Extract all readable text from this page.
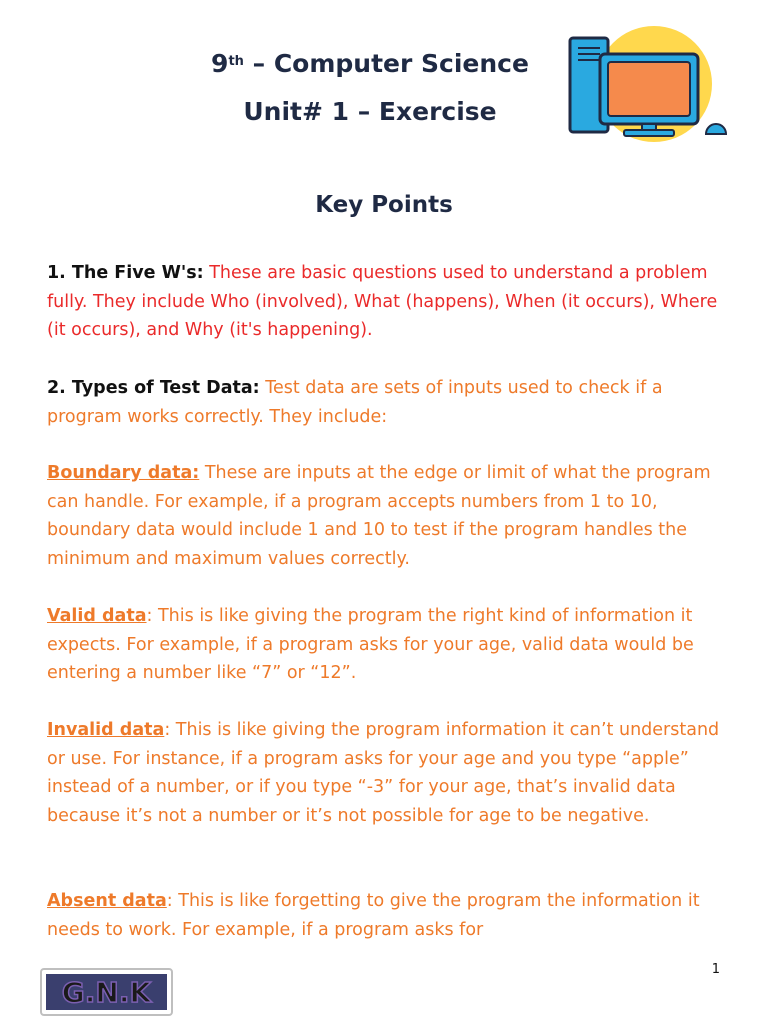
9th – Computer Science
Unit# 1 – Exercise
Key Points
1. The Five W's: These are basic questions used to understand a problem fully. They include Who (involved), What (happens), When (it occurs), Where (it occurs), and Why (it's happening).
2. Types of Test Data: Test data are sets of inputs used to check if a program works correctly. They include:
Boundary data: These are inputs at the edge or limit of what the program can handle. For example, if a program accepts numbers from 1 to 10, boundary data would include 1 and 10 to test if the program handles the minimum and maximum values correctly.
Valid data: This is like giving the program the right kind of information it expects. For example, if a program asks for your age, valid data would be entering a number like “7” or “12”.
Invalid data: This is like giving the program information it can’t understand or use. For instance, if a program asks for your age and you type “apple” instead of a number, or if you type “-3” for your age, that’s invalid data because it’s not a number or it’s not possible for age to be negative.
Absent data: This is like forgetting to give the program the information it needs to work. For example, if a program asks for
1
G.N.K
